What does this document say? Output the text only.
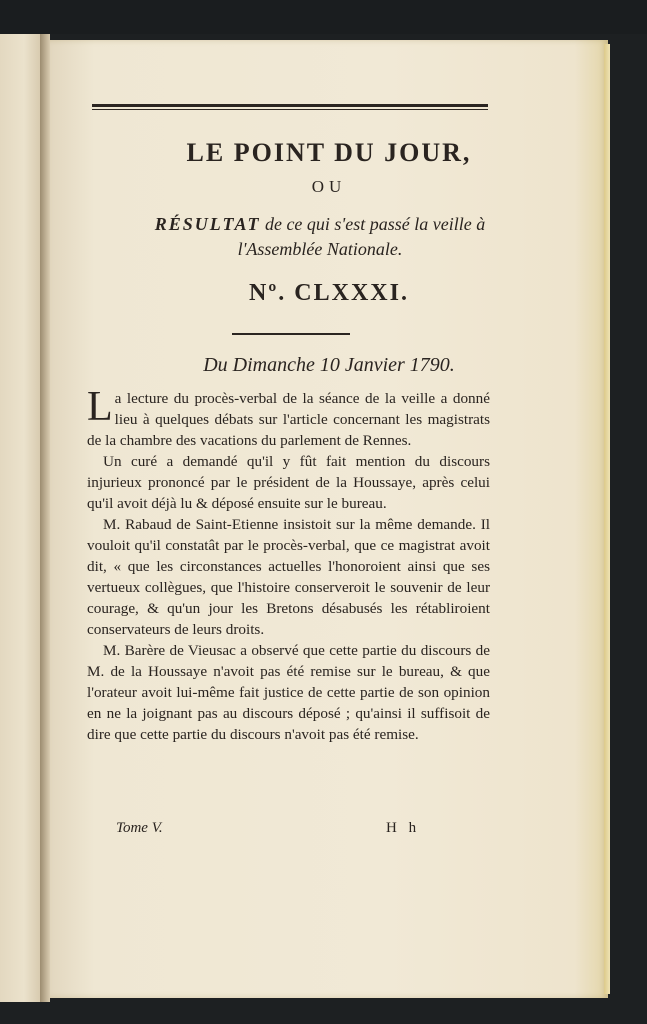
LE POINT DU JOUR,
OU
RÉSULTAT de ce qui s'est passé la veille à
l'Assemblée Nationale.
Nº. CLXXXI.
Du Dimanche 10 Janvier 1790.

La lecture du procès-verbal de la séance de la veille a donné lieu à quelques débats sur l'article concernant les magistrats de la chambre des vacations du parlement de Rennes.

Un curé a demandé qu'il y fût fait mention du discours injurieux prononcé par le président de la Houssaye, après celui qu'il avoit déjà lu & déposé ensuite sur le bureau.

M. Rabaud de Saint-Etienne insistoit sur la même demande. Il vouloit qu'il constatât par le procès-verbal, que ce magistrat avoit dit, « que les circonstances actuelles l'honoroient ainsi que ses vertueux collègues, que l'histoire conserveroit le souvenir de leur courage, & qu'un jour les Bretons désabusés les rétabliroient conservateurs de leurs droits.

M. Barère de Vieusac a observé que cette partie du discours de M. de la Houssaye n'avoit pas été remise sur le bureau, & que l'orateur avoit lui-même fait justice de cette partie de son opinion en ne la joignant pas au discours déposé ; qu'ainsi il suffisoit de dire que cette partie du discours n'avoit pas été remise.

Tome V.	H h
